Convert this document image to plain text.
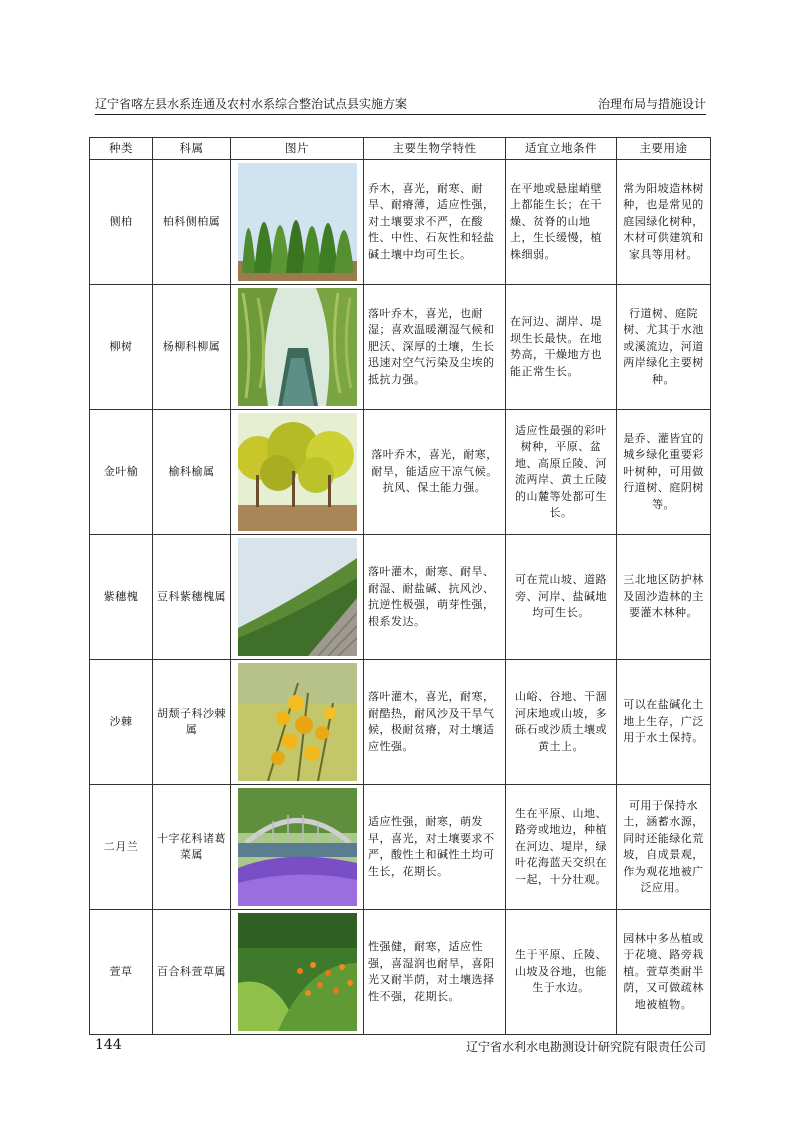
辽宁省喀左县水系连通及农村水系综合整治试点县实施方案	治理布局与措施设计
种类	科属	图片	主要生物学特性	适宜立地条件	主要用途
侧柏	柏科侧柏属		乔木，喜光，耐寒、耐旱、耐瘠薄，适应性强，对土壤要求不严，在酸性、中性、石灰性和轻盐碱土壤中均可生长。	在平地或悬崖峭壁上都能生长；在干燥、贫脊的山地上，生长缓慢，植株细弱。	常为阳坡造林树种，也是常见的庭园绿化树种，木材可供建筑和家具等用材。
柳树	杨柳科柳属		落叶乔木，喜光，也耐湿；喜欢温暖潮湿气候和肥沃、深厚的土壤，生长迅速对空气污染及尘埃的抵抗力强。	在河边、湖岸、堤坝生长最快。在地势高，干燥地方也能正常生长。	行道树、庭院树、尤其于水池或溪流边，河道两岸绿化主要树种。
金叶榆	榆科榆属		落叶乔木，喜光，耐寒，耐旱，能适应干凉气候。抗风、保土能力强。	适应性最强的彩叶树种，平原、盆地、高原丘陵、河流两岸、黄土丘陵的山麓等处都可生长。	是乔、灌皆宜的城乡绿化重要彩叶树种，可用做行道树、庭阴树等。
紫穗槐	豆科紫穗槐属		落叶灌木，耐寒、耐旱、耐湿、耐盐碱、抗风沙、抗逆性极强，萌芽性强，根系发达。	可在荒山坡、道路旁、河岸、盐碱地均可生长。	三北地区防护林及固沙造林的主要灌木林种。
沙棘	胡颓子科沙棘属		落叶灌木，喜光，耐寒，耐酷热，耐风沙及干旱气候，极耐贫瘠，对土壤适应性强。	山峪、谷地、干涸河床地或山坡，多砾石或沙质土壤或黄土上。	可以在盐碱化土地上生存，广泛用于水土保持。
二月兰	十字花科诸葛菜属		适应性强，耐寒，萌发早，喜光，对土壤要求不严，酸性土和碱性土均可生长，花期长。	生在平原、山地、路旁或地边，种植在河边、堤岸，绿叶花海蓝天交织在一起，十分壮观。	可用于保持水土，涵蓄水源，同时还能绿化荒坡，自成景观，作为观花地被广泛应用。
萱草	百合科萱草属		性强健，耐寒，适应性强，喜湿润也耐旱，喜阳光又耐半荫，对土壤选择性不强，花期长。	生于平原、丘陵、山坡及谷地，也能生于水边。	园林中多丛植或于花境、路旁栽植。萱草类耐半荫，又可做疏林地被植物。
144	辽宁省水利水电勘测设计研究院有限责任公司
